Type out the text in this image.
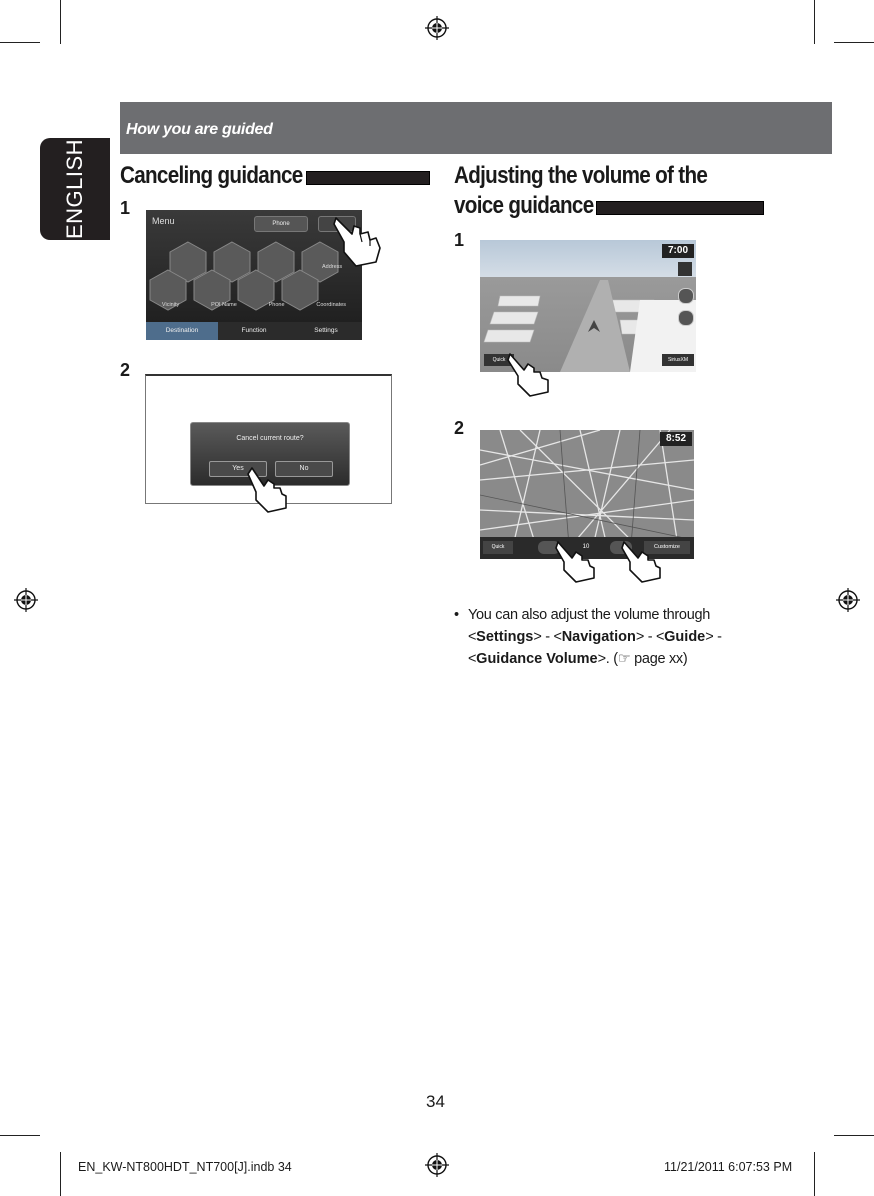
ENGLISH
How you are guided
Canceling guidance
1
Menu	Phone
Vicinity	POI Name	Phone	Coordinates
Address
Destination	Function	Settings
2
Cancel current route?
Yes	No
Adjusting the volume of the
voice guidance
1
7:00
Quick	SiriusXM
2
8:52
Quick	10	Customize
• You can also adjust the volume through <Settings> - <Navigation> - <Guide> - <Guidance Volume>. (☞ page xx)
34
EN_KW-NT800HDT_NT700[J].indb 34	11/21/2011 6:07:53 PM
